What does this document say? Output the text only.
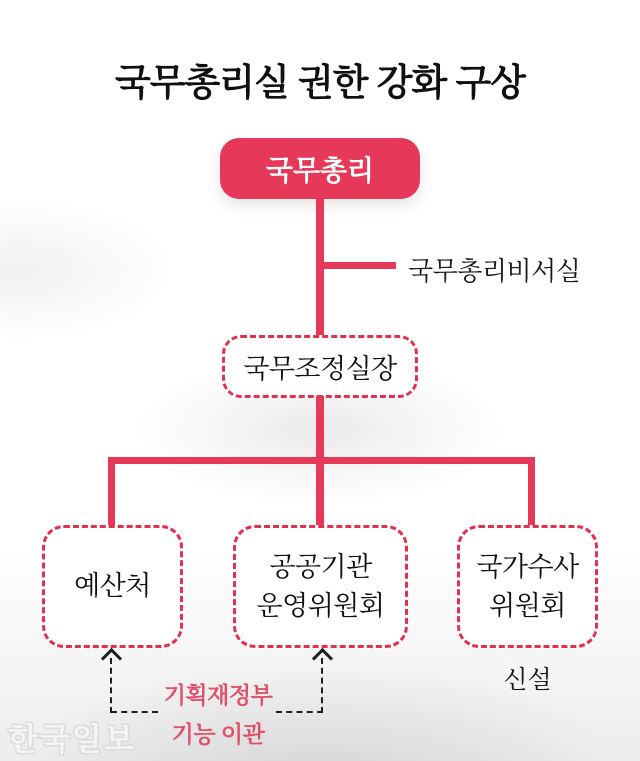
국무총리실 권한 강화 구상
국무총리
국무총리비서실
국무조정실장
예산처
공공기관
운영위원회
국가수사
위원회
신설
기획재정부
기능 이관
한국일보
